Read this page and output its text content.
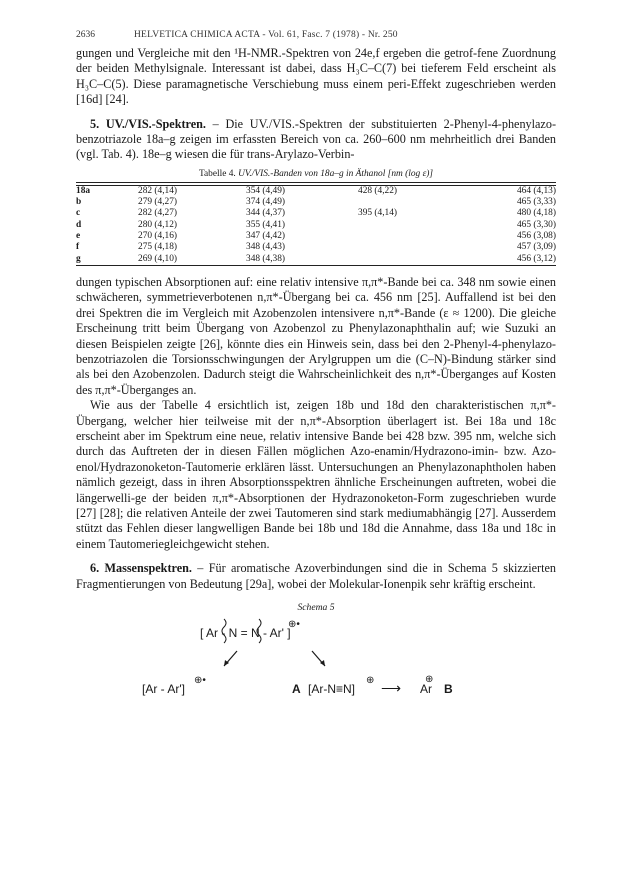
2636	HELVETICA CHIMICA ACTA - Vol. 61, Fasc. 7 (1978) - Nr. 250

gungen und Vergleiche mit den ¹H-NMR.-Spektren von 24e,f ergeben die getrof-fene Zuordnung der beiden Methylsignale. Interessant ist dabei, dass H₃C–C(7) bei tieferem Feld erscheint als H₃C–C(5). Diese paramagnetische Verschiebung muss einem peri-Effekt zugeschrieben werden [16d] [24].

5. UV./VIS.-Spektren. – Die UV./VIS.-Spektren der substituierten 2-Phenyl-4-phenylazo-benzotriazole 18a–g zeigen im erfassten Bereich von ca. 260–600 nm mehrheitlich drei Banden (vgl. Tab. 4). 18e–g wiesen die für trans-Arylazo-Verbin-

Tabelle 4. UV./VIS.-Banden von 18a–g in Äthanol [nm (log ε)]

18a	282 (4,14)	354 (4,49)	428 (4,22)	464 (4,13)
b	279 (4,27)	374 (4,49)		465 (3,33)
c	282 (4,27)	344 (4,37)	395 (4,14)	480 (4,18)
d	280 (4,12)	355 (4,41)		465 (3,30)
e	270 (4,16)	347 (4,42)		456 (3,08)
f	275 (4,18)	348 (4,43)		457 (3,09)
g	269 (4,10)	348 (4,38)		456 (3,12)

dungen typischen Absorptionen auf: eine relativ intensive π,π*-Bande bei ca. 348 nm sowie einen schwächeren, symmetrieverbotenen n,π*-Übergang bei ca. 456 nm [25]. Auffallend ist bei den drei Spektren die im Vergleich mit Azobenzolen intensivere n,π*-Bande (ε ≈ 1200). Die gleiche Erscheinung tritt beim Übergang von Azobenzol zu Phenylazonaphthalin auf; wie Suzuki an diesen Beispielen zeigte [26], könnte dies ein Hinweis sein, dass bei den 2-Phenyl-4-phenylazo-benzotriazolen die Torsionsschwingungen der Arylgruppen um die (C–N)-Bindung stärker sind als bei den Azobenzolen. Dadurch steigt die Wahrscheinlichkeit des n,π*-Überganges auf Kosten des π,π*-Überganges an.

Wie aus der Tabelle 4 ersichtlich ist, zeigen 18b und 18d den charakteristischen π,π*-Übergang, welcher hier teilweise mit der n,π*-Absorption überlagert ist. Bei 18a und 18c erscheint aber im Spektrum eine neue, relativ intensive Bande bei 428 bzw. 395 nm, welche sich durch das Auftreten der in diesen Fällen möglichen Azo-enamin/Hydrazono-imin- bzw. Azo-enol/Hydrazonoketon-Tautomerie erklären lässt. Untersuchungen an Phenylazonaphtholen haben nämlich gezeigt, dass in ihren Absorptionsspektren ähnliche Erscheinungen auftreten, wobei die längerwelli-ge der beiden π,π*-Absorptionen der Hydrazonoketon-Form zugeschrieben wurde [27] [28]; die relativen Anteile der zwei Tautomeren sind stark mediumabhängig [27]. Ausserdem stützt das Fehlen dieser langwelligen Bande bei 18b und 18d die Annahme, dass 18a und 18c in einem Tautomeriegleichgewicht stehen.

6. Massenspektren. – Für aromatische Azoverbindungen sind die in Schema 5 skizzierten Fragmentierungen von Bedeutung [29a], wobei der Molekular-Ionenpik sehr kräftig erscheint.

Schema 5
[ Ar - N = N - Ar' ]
⊕•
[Ar - Ar']
⊕•
A [Ar-N≡N]
⊕ ⟶ Ar
⊕
B
